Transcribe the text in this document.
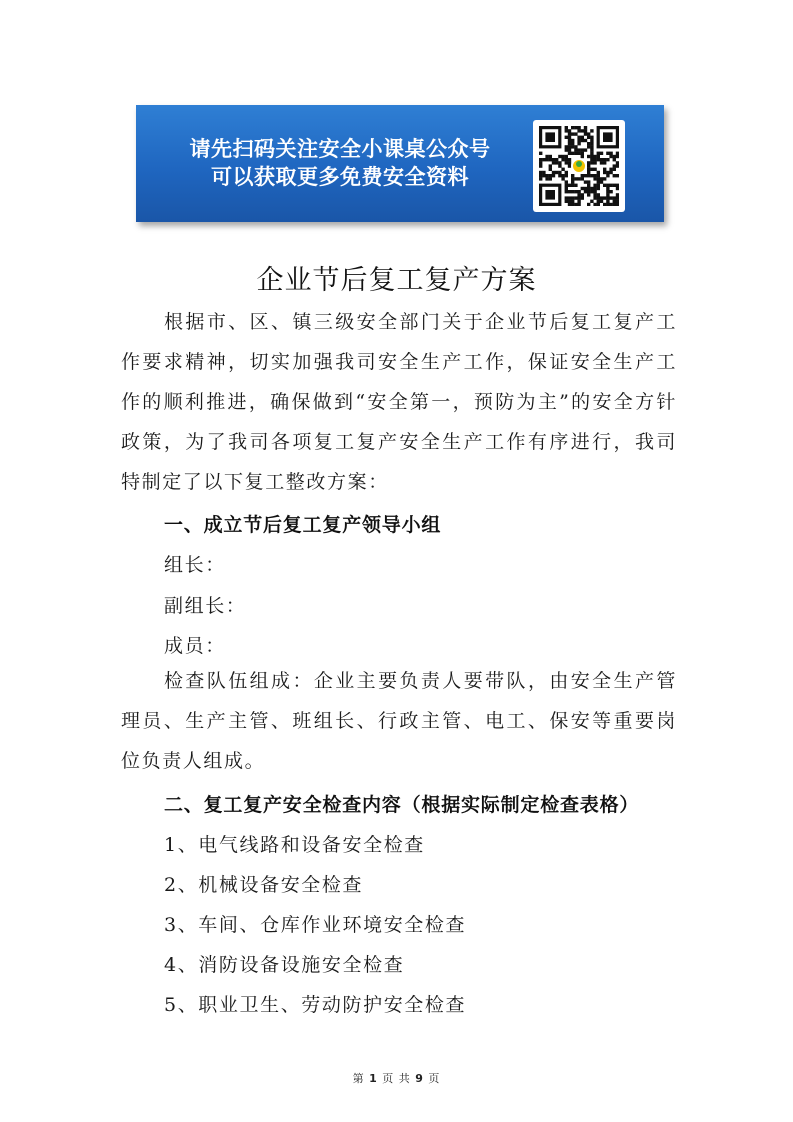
请先扫码关注安全小课桌公众号
可以获取更多免费安全资料
企业节后复工复产方案
根据市、区、镇三级安全部门关于企业节后复工复产工作要求精神，切实加强我司安全生产工作，保证安全生产工作的顺利推进，确保做到“安全第一，预防为主”的安全方针政策，为了我司各项复工复产安全生产工作有序进行，我司特制定了以下复工整改方案：
一、成立节后复工复产领导小组
组长：
副组长：
成员：
检查队伍组成：企业主要负责人要带队，由安全生产管理员、生产主管、班组长、行政主管、电工、保安等重要岗位负责人组成。
二、复工复产安全检查内容（根据实际制定检查表格）
1、电气线路和设备安全检查
2、机械设备安全检查
3、车间、仓库作业环境安全检查
4、消防设备设施安全检查
5、职业卫生、劳动防护安全检查
第 1 页 共 9 页
